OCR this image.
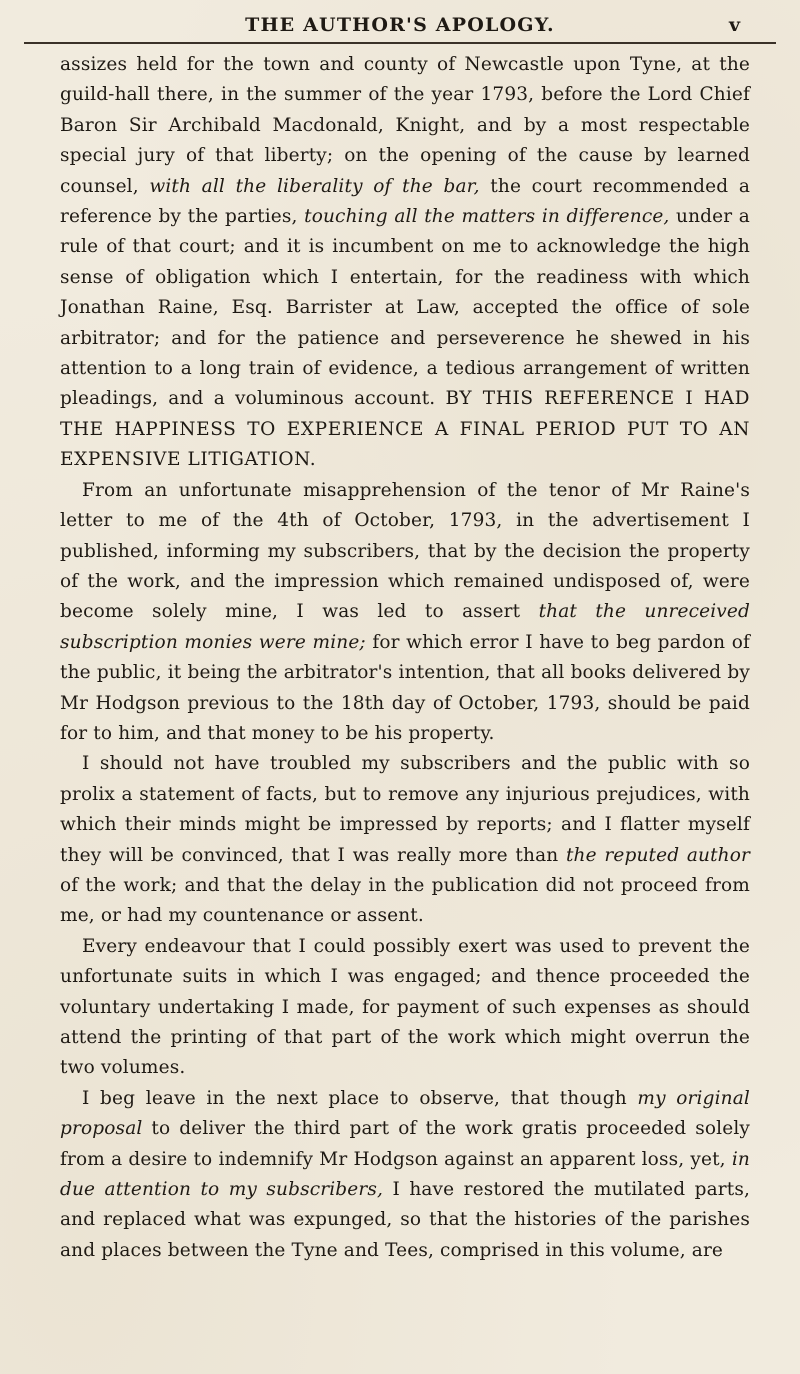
THE AUTHOR'S APOLOGY.	v

assizes held for the town and county of Newcastle upon Tyne, at the guild-hall there, in the summer of the year 1793, before the Lord Chief Baron Sir Archibald Macdonald, Knight, and by a most respectable special jury of that liberty; on the opening of the cause by learned counsel, with all the liberality of the bar, the court recommended a reference by the parties, touching all the matters in difference, under a rule of that court; and it is incumbent on me to acknowledge the high sense of obligation which I entertain, for the readiness with which Jonathan Raine, Esq. Barrister at Law, accepted the office of sole arbitrator; and for the patience and perseverence he shewed in his attention to a long train of evidence, a tedious arrangement of written pleadings, and a voluminous account. BY THIS REFERENCE I HAD THE HAPPINESS TO EXPERIENCE A FINAL PERIOD PUT TO AN EXPENSIVE LITIGATION.

From an unfortunate misapprehension of the tenor of Mr Raine's letter to me of the 4th of October, 1793, in the advertisement I published, informing my subscribers, that by the decision the property of the work, and the impression which remained undisposed of, were become solely mine, I was led to assert that the unreceived subscription monies were mine; for which error I have to beg pardon of the public, it being the arbitrator's intention, that all books delivered by Mr Hodgson previous to the 18th day of October, 1793, should be paid for to him, and that money to be his property.

I should not have troubled my subscribers and the public with so prolix a statement of facts, but to remove any injurious prejudices, with which their minds might be impressed by reports; and I flatter myself they will be convinced, that I was really more than the reputed author of the work; and that the delay in the publication did not proceed from me, or had my countenance or assent.

Every endeavour that I could possibly exert was used to prevent the unfortunate suits in which I was engaged; and thence proceeded the voluntary undertaking I made, for payment of such expenses as should attend the printing of that part of the work which might overrun the two volumes.

I beg leave in the next place to observe, that though my original proposal to deliver the third part of the work gratis proceeded solely from a desire to indemnify Mr Hodgson against an apparent loss, yet, in due attention to my subscribers, I have restored the mutilated parts, and replaced what was expunged, so that the histories of the parishes and places between the Tyne and Tees, comprised in this volume, are
